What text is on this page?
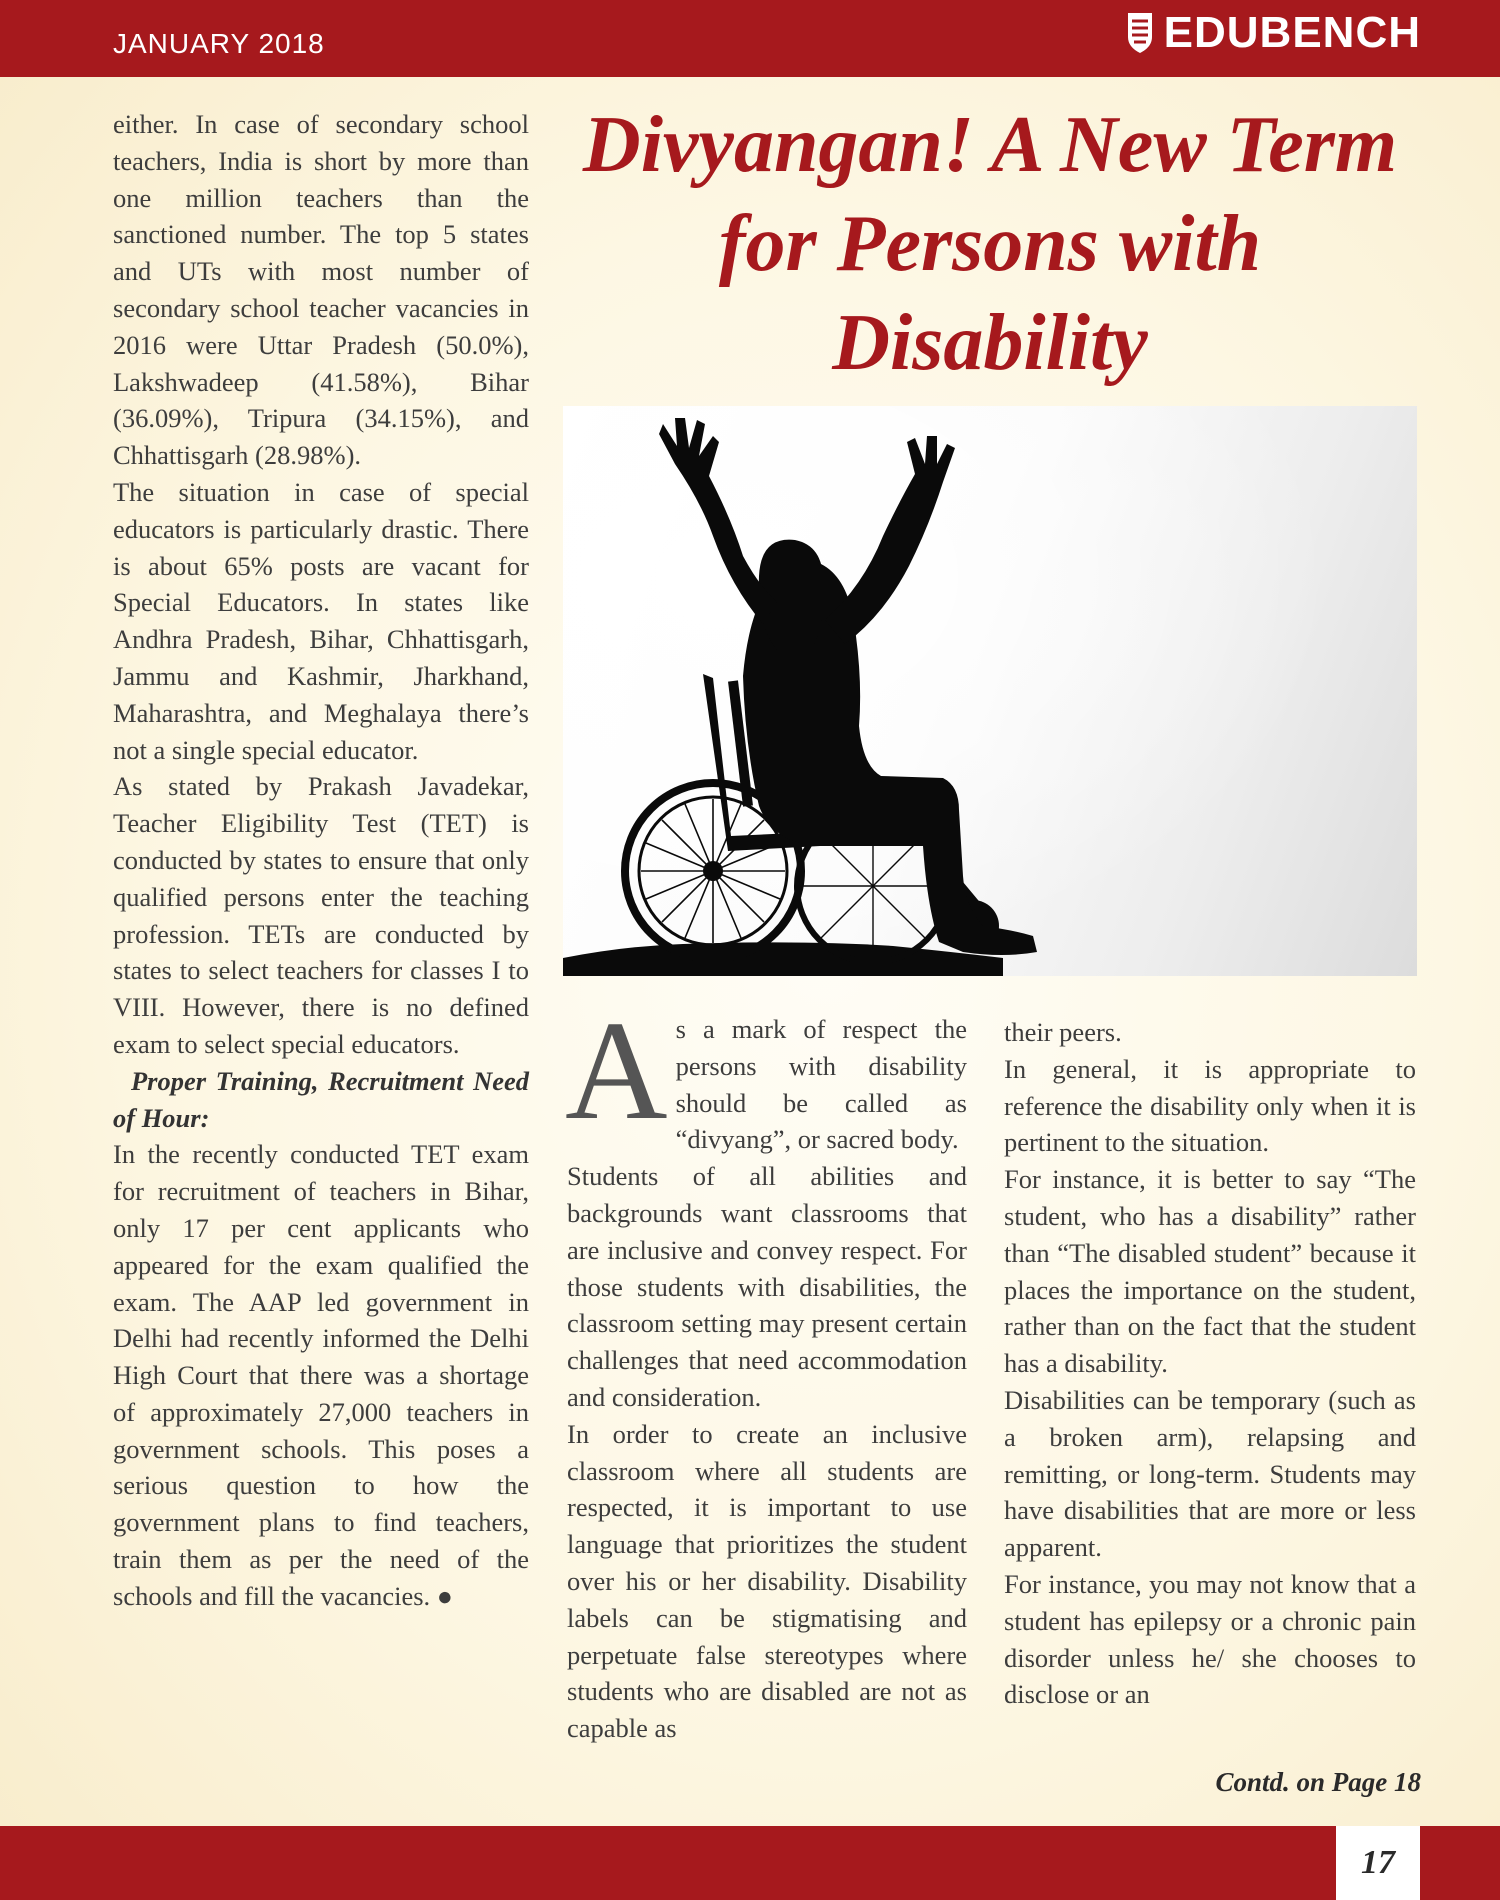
JANUARY 2018	EDUBENCH

either. In case of secondary school teachers, India is short by more than one million teachers than the sanctioned number. The top 5 states and UTs with most number of secondary school teacher vacancies in 2016 were Uttar Pradesh (50.0%), Lakshwadeep (41.58%), Bihar (36.09%), Tripura (34.15%), and Chhattisgarh (28.98%).

The situation in case of special educators is particularly drastic. There is about 65% posts are vacant for Special Educators. In states like Andhra Pradesh, Bihar, Chhattisgarh, Jammu and Kashmir, Jharkhand, Maharashtra, and Meghalaya there’s not a single special educator.

As stated by Prakash Javadekar, Teacher Eligibility Test (TET) is conducted by states to ensure that only qualified persons enter the teaching profession. TETs are conducted by states to select teachers for classes I to VIII. However, there is no defined exam to select special educators.

Proper Training, Recruitment Need of Hour:

In the recently conducted TET exam for recruitment of teachers in Bihar, only 17 per cent applicants who appeared for the exam qualified the exam. The AAP led government in Delhi had recently informed the Delhi High Court that there was a shortage of approximately 27,000 teachers in government schools. This poses a serious question to how the government plans to find teachers, train them as per the need of the schools and fill the vacancies. ●

Divyangan! A New Term for Persons with Disability

As a mark of respect the persons with disability should be called as “divyang”, or sacred body.

Students of all abilities and backgrounds want classrooms that are inclusive and convey respect. For those students with disabilities, the classroom setting may present certain challenges that need accommodation and consideration.

In order to create an inclusive classroom where all students are respected, it is important to use language that prioritizes the student over his or her disability. Disability labels can be stigmatising and perpetuate false stereotypes where students who are disabled are not as capable as

their peers.

In general, it is appropriate to reference the disability only when it is pertinent to the situation.

For instance, it is better to say “The student, who has a disability” rather than “The disabled student” because it places the importance on the student, rather than on the fact that the student has a disability.

Disabilities can be temporary (such as a broken arm), relapsing and remitting, or long-term. Students may have disabilities that are more or less apparent.

For instance, you may not know that a student has epilepsy or a chronic pain disorder unless he/ she chooses to disclose or an

Contd. on Page 18
17
